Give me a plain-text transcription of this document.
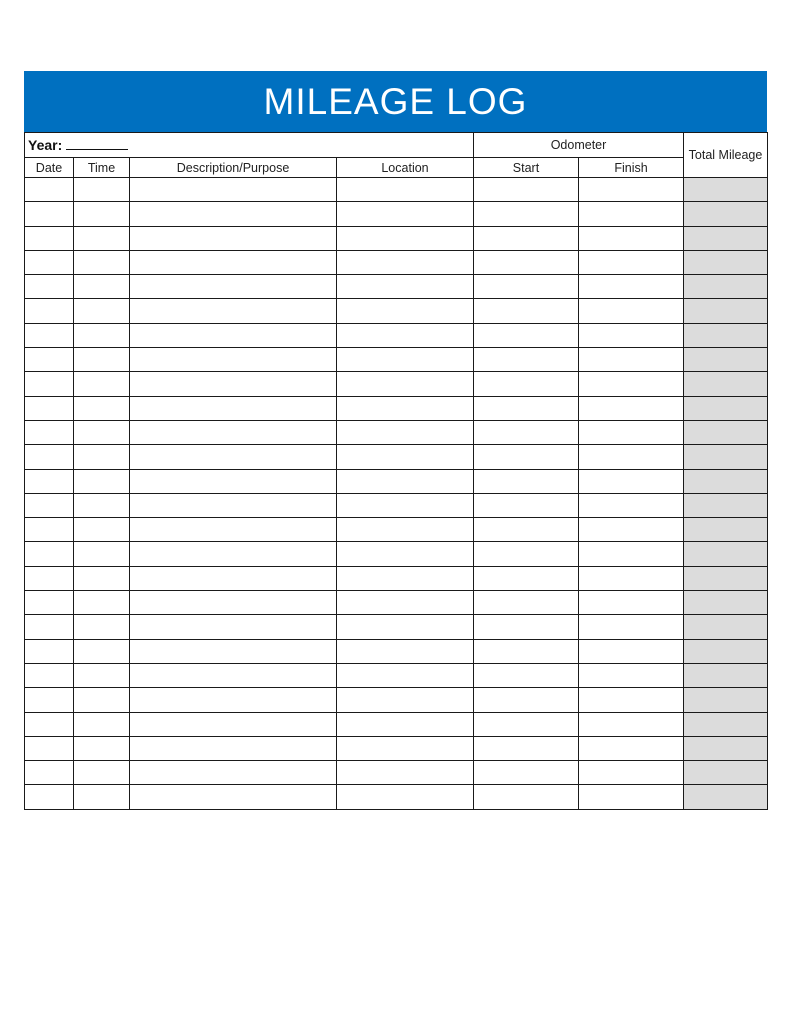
MILEAGE LOG
Year:				Odometer		Total Mileage
Date	Time	Description/Purpose	Location	Start	Finish	
